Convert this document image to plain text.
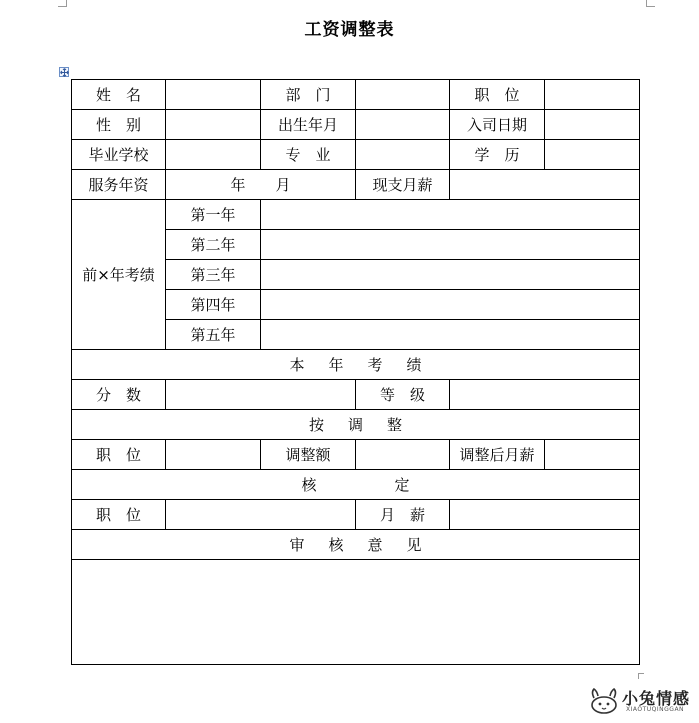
工资调整表
姓　名		部　门		职　位	
性　别		出生年月		入司日期	
毕业学校		专　业		学　历	
服务年资	年　　月		现支月薪		
前×年考绩	第一年				
	第二年				
	第三年				
	第四年				
	第五年				
本年考绩					
分　数			等　级		
按调整					
职　位		调整额		调整后月薪	
核定					
职　位			月　薪		
审核意见					

小兔情感
XIAOTUQINGGAN
